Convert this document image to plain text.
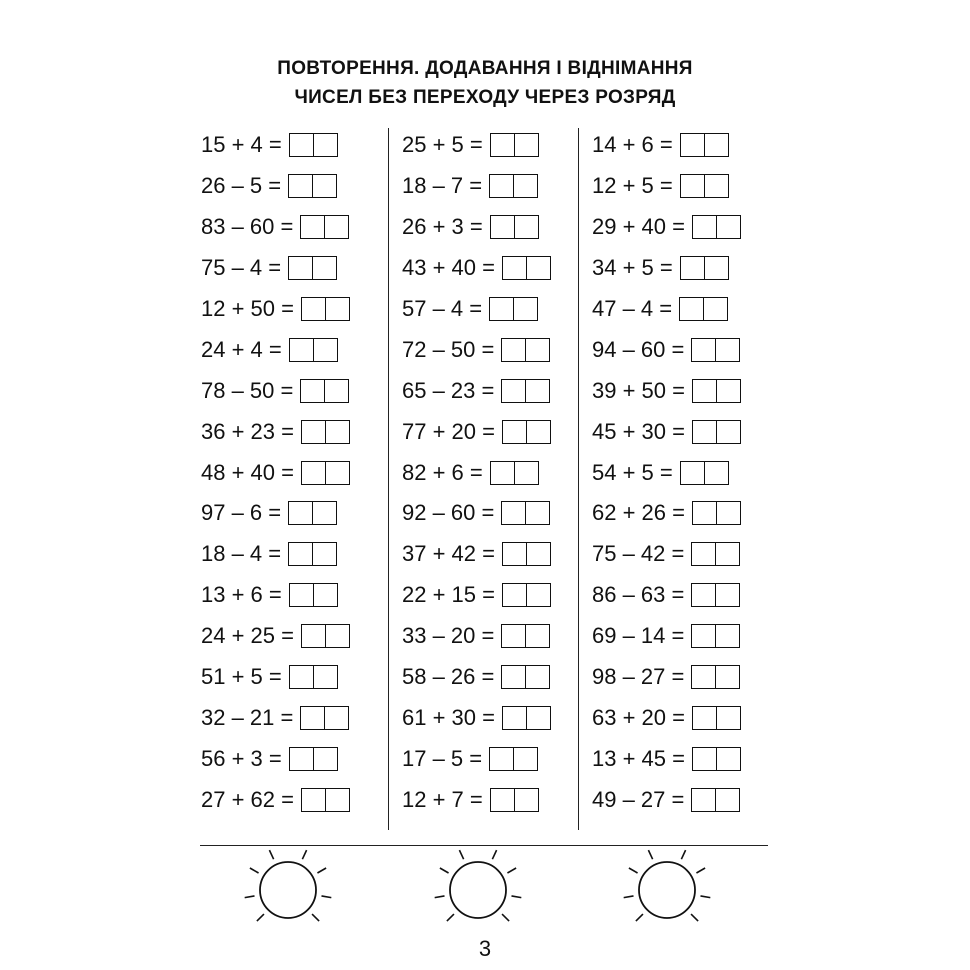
ПОВТОРЕННЯ. ДОДАВАННЯ І ВІДНІМАННЯ
ЧИСЕЛ БЕЗ ПЕРЕХОДУ ЧЕРЕЗ РОЗРЯД
15 + 4 =
26 – 5 =
83 – 60 =
75 – 4 =
12 + 50 =
24 + 4 =
78 – 50 =
36 + 23 =
48 + 40 =
97 – 6 =
18 – 4 =
13 + 6 =
24 + 25 =
51 + 5 =
32 – 21 =
56 + 3 =
27 + 62 =
25 + 5 =
18 – 7 =
26 + 3 =
43 + 40 =
57 – 4 =
72 – 50 =
65 – 23 =
77 + 20 =
82 + 6 =
92 – 60 =
37 + 42 =
22 + 15 =
33 – 20 =
58 – 26 =
61 + 30 =
17 – 5 =
12 + 7 =
14 + 6 =
12 + 5 =
29 + 40 =
34 + 5 =
47 – 4 =
94 – 60 =
39 + 50 =
45 + 30 =
54 + 5 =
62 + 26 =
75 – 42 =
86 – 63 =
69 – 14 =
98 – 27 =
63 + 20 =
13 + 45 =
49 – 27 =
3
